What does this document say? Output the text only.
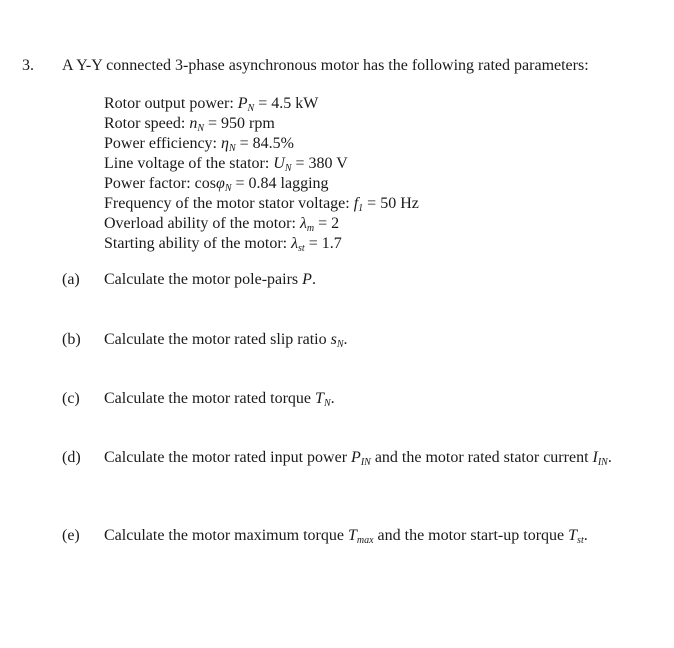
3. A Y-Y connected 3-phase asynchronous motor has the following rated parameters:
Rotor output power: $P_N = 4.5$ kW
Rotor speed: $n_N = 950$ rpm
Power efficiency: $\eta_N = 84.5\%$
Line voltage of the stator: $U_N = 380$ V
Power factor: cosφ$_N$ = 0.84 lagging
Frequency of the motor stator voltage: $f_1 = 50$ Hz
Overload ability of the motor: $\lambda_m = 2$
Starting ability of the motor: $\lambda_{st} = 1.7$
(a) Calculate the motor pole-pairs P.
(b) Calculate the motor rated slip ratio $s_N$.
(c) Calculate the motor rated torque $T_N$.
(d) Calculate the motor rated input power $P_{IN}$ and the motor rated stator current $I_{IN}$.
(e) Calculate the motor maximum torque $T_{max}$ and the motor start-up torque $T_{st}$.
